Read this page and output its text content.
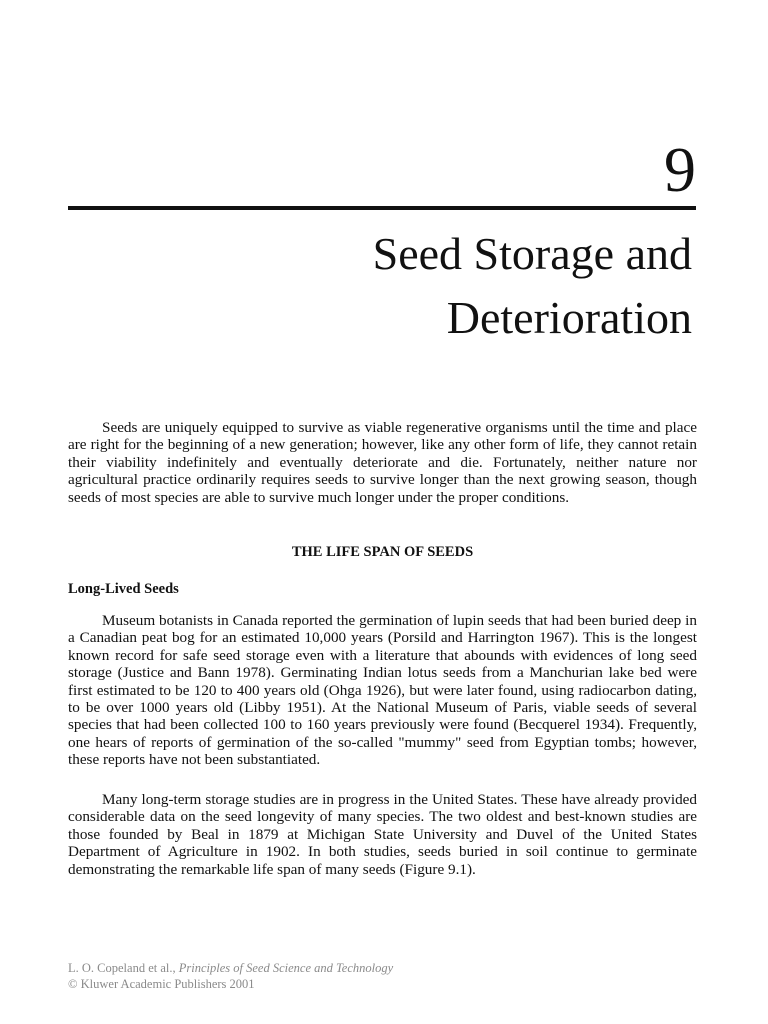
9
Seed Storage and
Deterioration

Seeds are uniquely equipped to survive as viable regenerative organisms until the time and place are right for the beginning of a new generation; however, like any other form of life, they cannot retain their viability indefinitely and eventually deteriorate and die. Fortunately, neither nature nor agricultural practice ordinarily requires seeds to survive longer than the next growing season, though seeds of most species are able to survive much longer under the proper conditions.

THE LIFE SPAN OF SEEDS
Long-Lived Seeds

Museum botanists in Canada reported the germination of lupin seeds that had been buried deep in a Canadian peat bog for an estimated 10,000 years (Porsild and Harrington 1967). This is the longest known record for safe seed storage even with a literature that abounds with evidences of long seed storage (Justice and Bann 1978). Germinating Indian lotus seeds from a Manchurian lake bed were first estimated to be 120 to 400 years old (Ohga 1926), but were later found, using radiocarbon dating, to be over 1000 years old (Libby 1951). At the National Museum of Paris, viable seeds of several species that had been collected 100 to 160 years previously were found (Becquerel 1934). Frequently, one hears of reports of germination of the so-called "mummy" seed from Egyptian tombs; however, these reports have not been substantiated.

Many long-term storage studies are in progress in the United States. These have already provided considerable data on the seed longevity of many species. The two oldest and best-known studies are those founded by Beal in 1879 at Michigan State University and Duvel of the United States Department of Agriculture in 1902. In both studies, seeds buried in soil continue to germinate demonstrating the remarkable life span of many seeds (Figure 9.1).

L. O. Copeland et al., Principles of Seed Science and Technology
© Kluwer Academic Publishers 2001
